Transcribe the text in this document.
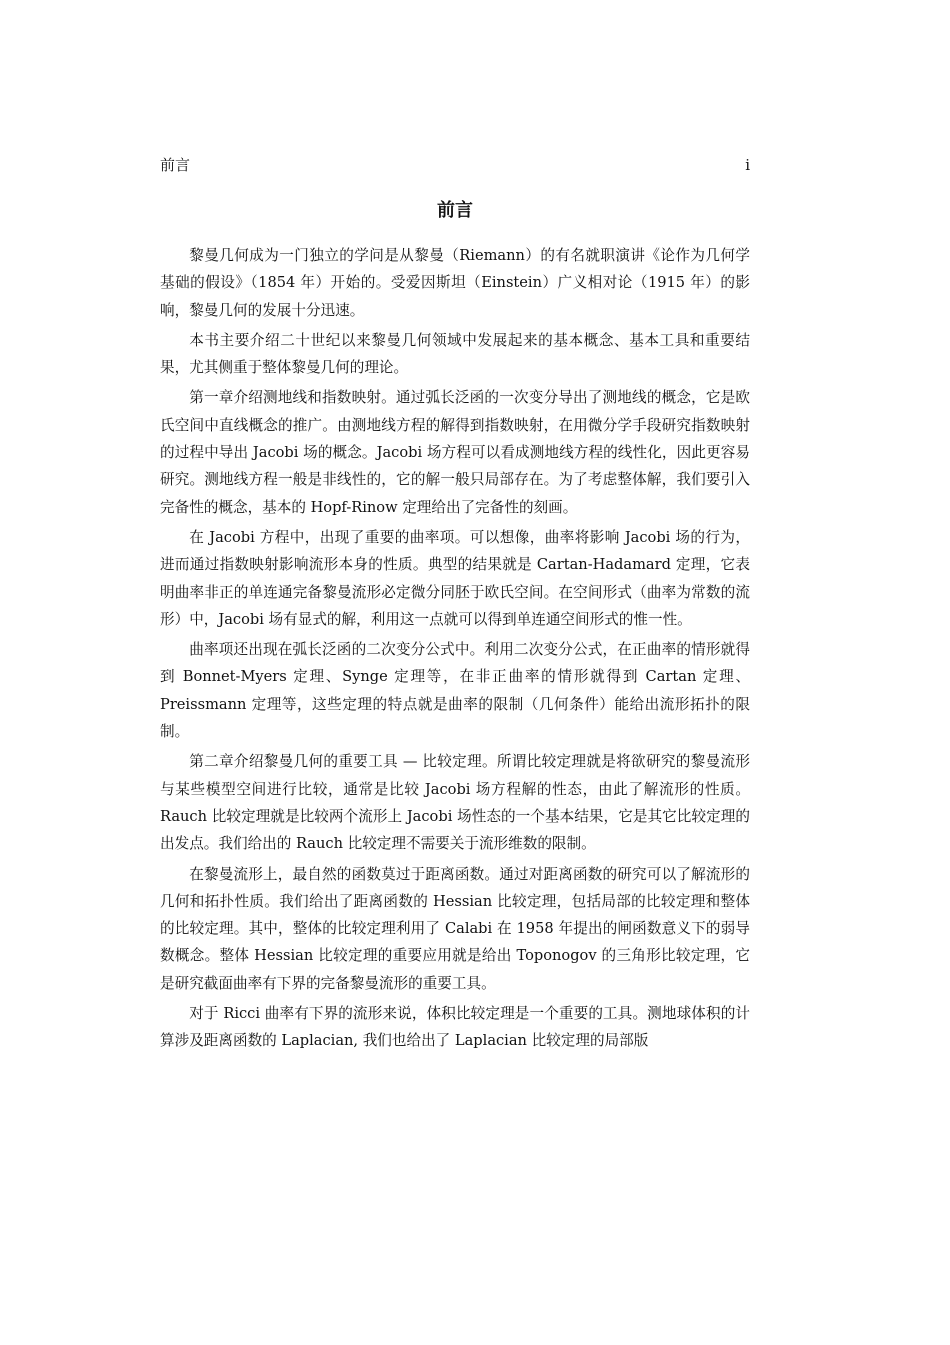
前言	i
前言

黎曼几何成为一门独立的学问是从黎曼（Riemann）的有名就职演讲《论作为几何学基础的假设》（1854 年）开始的。受爱因斯坦（Einstein）广义相对论（1915 年）的影响，黎曼几何的发展十分迅速。

本书主要介绍二十世纪以来黎曼几何领域中发展起来的基本概念、基本工具和重要结果，尤其侧重于整体黎曼几何的理论。

第一章介绍测地线和指数映射。通过弧长泛函的一次变分导出了测地线的概念，它是欧氏空间中直线概念的推广。由测地线方程的解得到指数映射，在用微分学手段研究指数映射的过程中导出 Jacobi 场的概念。Jacobi 场方程可以看成测地线方程的线性化，因此更容易研究。测地线方程一般是非线性的，它的解一般只局部存在。为了考虑整体解，我们要引入完备性的概念，基本的 Hopf-Rinow 定理给出了完备性的刻画。

在 Jacobi 方程中，出现了重要的曲率项。可以想像，曲率将影响 Jacobi 场的行为，进而通过指数映射影响流形本身的性质。典型的结果就是 Cartan-Hadamard 定理，它表明曲率非正的单连通完备黎曼流形必定微分同胚于欧氏空间。在空间形式（曲率为常数的流形）中，Jacobi 场有显式的解，利用这一点就可以得到单连通空间形式的惟一性。

曲率项还出现在弧长泛函的二次变分公式中。利用二次变分公式，在正曲率的情形就得到 Bonnet-Myers 定理、Synge 定理等，在非正曲率的情形就得到 Cartan 定理、Preissmann 定理等，这些定理的特点就是曲率的限制（几何条件）能给出流形拓扑的限制。

第二章介绍黎曼几何的重要工具 — 比较定理。所谓比较定理就是将欲研究的黎曼流形与某些模型空间进行比较，通常是比较 Jacobi 场方程解的性态，由此了解流形的性质。Rauch 比较定理就是比较两个流形上 Jacobi 场性态的一个基本结果，它是其它比较定理的出发点。我们给出的 Rauch 比较定理不需要关于流形维数的限制。

在黎曼流形上，最自然的函数莫过于距离函数。通过对距离函数的研究可以了解流形的几何和拓扑性质。我们给出了距离函数的 Hessian 比较定理，包括局部的比较定理和整体的比较定理。其中，整体的比较定理利用了 Calabi 在 1958 年提出的闸函数意义下的弱导数概念。整体 Hessian 比较定理的重要应用就是给出 Toponogov 的三角形比较定理，它是研究截面曲率有下界的完备黎曼流形的重要工具。

对于 Ricci 曲率有下界的流形来说，体积比较定理是一个重要的工具。测地球体积的计算涉及距离函数的 Laplacian, 我们也给出了 Laplacian 比较定理的局部版
